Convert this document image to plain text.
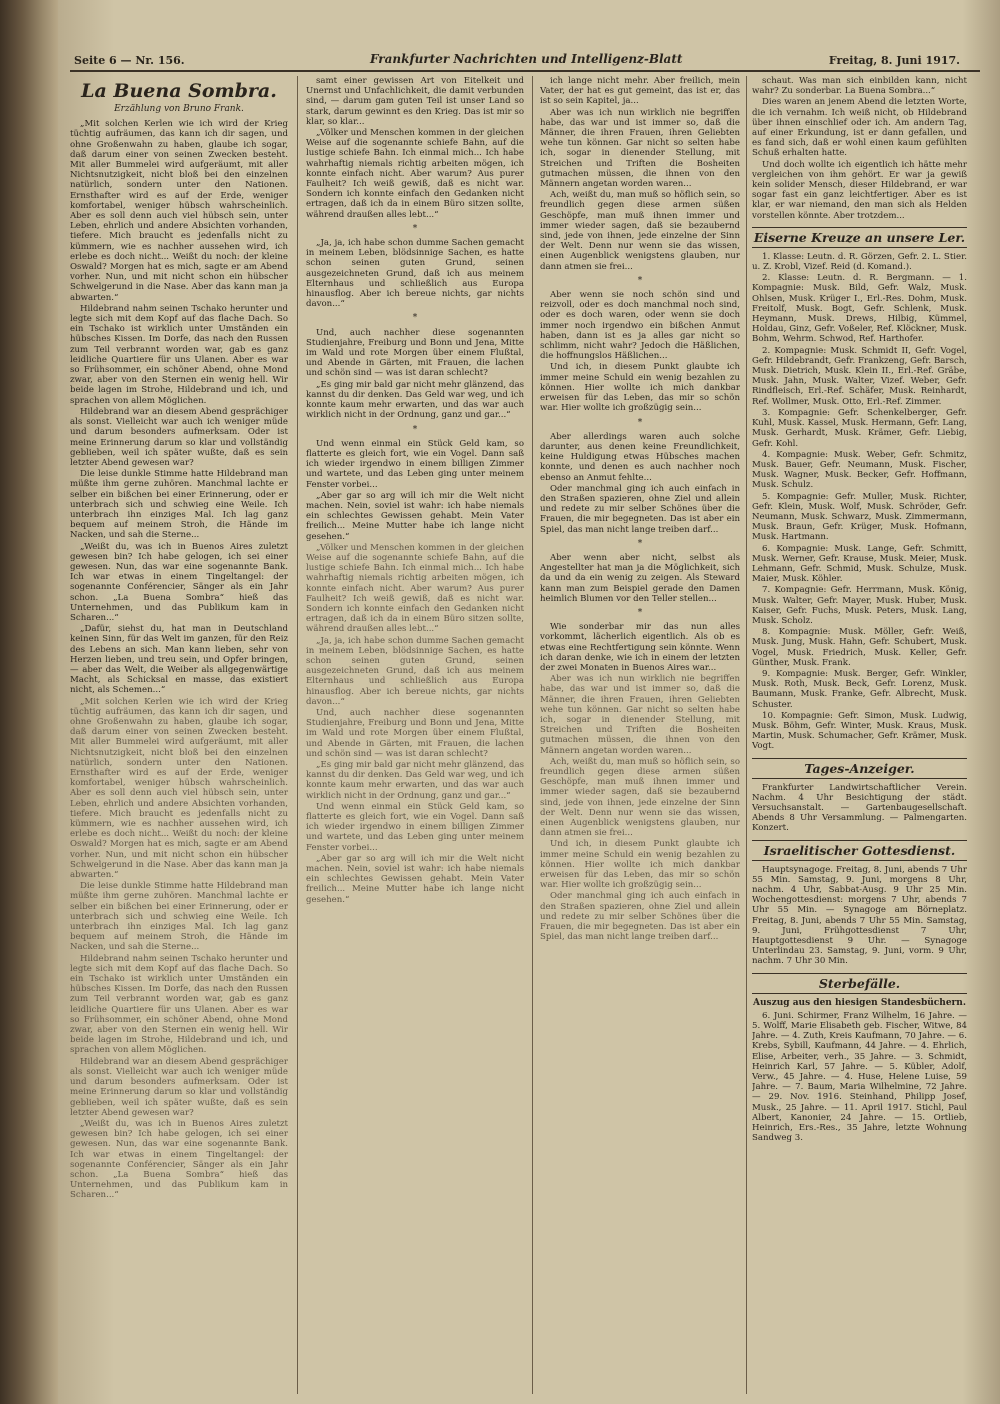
Seite 6 — Nr. 156.	Frankfurter Nachrichten und Intelligenz-Blatt	Freitag, 8. Juni 1917.
La Buena Sombra.
Erzählung von Bruno Frank.

„Mit solchen Kerlen wie ich wird der Krieg tüchtig aufräumen, das kann ich dir sagen, und ohne Großenwahn zu haben, glaube ich sogar, daß darum einer von seinen Zwecken besteht. Mit aller Bummelei wird aufgeräumt, mit aller Nichtsnutzigkeit, nicht bloß bei den einzelnen natürlich, sondern unter den Nationen. Ernsthafter wird es auf der Erde, weniger komfortabel, weniger hübsch wahrscheinlich. Aber es soll denn auch viel hübsch sein, unter Leben, ehrlich und andere Absichten vorhanden, tiefere. Mich braucht es jedenfalls nicht zu kümmern, wie es nachher aussehen wird, ich erlebe es doch nicht... Weißt du noch: der kleine Oswald? Morgen hat es mich, sagte er am Abend vorher. Nun, und mit nicht schon ein hübscher Schwelgerund in die Nase. Aber das kann man ja abwarten.“

Hildebrand nahm seinen Tschako herunter und legte sich mit dem Kopf auf das flache Dach. So ein Tschako ist wirklich unter Umständen ein hübsches Kissen. Im Dorfe, das nach den Russen zum Teil verbrannt worden war, gab es ganz leidliche Quartiere für uns Ulanen. Aber es war so Frühsommer, ein schöner Abend, ohne Mond zwar, aber von den Sternen ein wenig hell. Wir beide lagen im Strohe, Hildebrand und ich, und sprachen von allem Möglichen.

Hildebrand war an diesem Abend gesprächiger als sonst. Vielleicht war auch ich weniger müde und darum besonders aufmerksam. Oder ist meine Erinnerung darum so klar und vollständig geblieben, weil ich später wußte, daß es sein letzter Abend gewesen war?

Die leise dunkle Stimme hatte Hildebrand man müßte ihm gerne zuhören. Manchmal lachte er selber ein bißchen bei einer Erinnerung, oder er unterbrach sich und schwieg eine Weile. Ich unterbrach ihn einziges Mal. Ich lag ganz bequem auf meinem Stroh, die Hände im Nacken, und sah die Sterne...

„Weißt du, was ich in Buenos Aires zuletzt gewesen bin? Ich habe gelogen, ich sei einer gewesen. Nun, das war eine sogenannte Bank. Ich war etwas in einem Tingeltangel: der sogenannte Conférencier, Sänger als ein Jahr schon. „La Buena Sombra“ hieß das Unternehmen, und das Publikum kam in Scharen...“

„Dafür, siehst du, hat man in Deutschland keinen Sinn, für das Welt im ganzen, für den Reiz des Lebens an sich. Man kann lieben, sehr von Herzen lieben, und treu sein, und Opfer bringen, — aber das Welt, die Weiber als allgegenwärtige Macht, als Schicksal en masse, das existiert nicht, als Schemen...“

„Mit solchen Kerlen wie ich wird der Krieg tüchtig aufräumen, das kann ich dir sagen, und ohne Großenwahn zu haben, glaube ich sogar, daß darum einer von seinen Zwecken besteht. Mit aller Bummelei wird aufgeräumt, mit aller Nichtsnutzigkeit, nicht bloß bei den einzelnen natürlich, sondern unter den Nationen. Ernsthafter wird es auf der Erde, weniger komfortabel, weniger hübsch wahrscheinlich. Aber es soll denn auch viel hübsch sein, unter Leben, ehrlich und andere Absichten vorhanden, tiefere. Mich braucht es jedenfalls nicht zu kümmern, wie es nachher aussehen wird, ich erlebe es doch nicht... Weißt du noch: der kleine Oswald? Morgen hat es mich, sagte er am Abend vorher. Nun, und mit nicht schon ein hübscher Schwelgerund in die Nase. Aber das kann man ja abwarten.“

Die leise dunkle Stimme hatte Hildebrand man müßte ihm gerne zuhören. Manchmal lachte er selber ein bißchen bei einer Erinnerung, oder er unterbrach sich und schwieg eine Weile. Ich unterbrach ihn einziges Mal. Ich lag ganz bequem auf meinem Stroh, die Hände im Nacken, und sah die Sterne...

Hildebrand nahm seinen Tschako herunter und legte sich mit dem Kopf auf das flache Dach. So ein Tschako ist wirklich unter Umständen ein hübsches Kissen. Im Dorfe, das nach den Russen zum Teil verbrannt worden war, gab es ganz leidliche Quartiere für uns Ulanen. Aber es war so Frühsommer, ein schöner Abend, ohne Mond zwar, aber von den Sternen ein wenig hell. Wir beide lagen im Strohe, Hildebrand und ich, und sprachen von allem Möglichen.

Hildebrand war an diesem Abend gesprächiger als sonst. Vielleicht war auch ich weniger müde und darum besonders aufmerksam. Oder ist meine Erinnerung darum so klar und vollständig geblieben, weil ich später wußte, daß es sein letzter Abend gewesen war?

„Weißt du, was ich in Buenos Aires zuletzt gewesen bin? Ich habe gelogen, ich sei einer gewesen. Nun, das war eine sogenannte Bank. Ich war etwas in einem Tingeltangel: der sogenannte Conférencier, Sänger als ein Jahr schon. „La Buena Sombra“ hieß das Unternehmen, und das Publikum kam in Scharen...“

samt einer gewissen Art von Eitelkeit und Unernst und Unfachlichkeit, die damit verbunden sind, — darum gam guten Teil ist unser Land so stark, darum gewinnt es den Krieg. Das ist mir so klar, so klar...

„Völker und Menschen kommen in der gleichen Weise auf die sogenannte schiefe Bahn, auf die lustige schiefe Bahn. Ich einmal mich... Ich habe wahrhaftig niemals richtig arbeiten mögen, ich konnte einfach nicht. Aber warum? Aus purer Faulheit? Ich weiß gewiß, daß es nicht war. Sondern ich konnte einfach den Gedanken nicht ertragen, daß ich da in einem Büro sitzen sollte, während draußen alles lebt...“

*

„Ja, ja, ich habe schon dumme Sachen gemacht in meinem Leben, blödsinnige Sachen, es hatte schon seinen guten Grund, seinen ausgezeichneten Grund, daß ich aus meinem Elternhaus und schließlich aus Europa hinausflog. Aber ich bereue nichts, gar nichts davon...“

*

Und, auch nachher diese sogenannten Studienjahre, Freiburg und Bonn und Jena, Mitte im Wald und rote Morgen über einem Flußtal, und Abende in Gärten, mit Frauen, die lachen und schön sind — was ist daran schlecht?

„Es ging mir bald gar nicht mehr glänzend, das kannst du dir denken. Das Geld war weg, und ich konnte kaum mehr erwarten, und das war auch wirklich nicht in der Ordnung, ganz und gar...“

*

Und wenn einmal ein Stück Geld kam, so flatterte es gleich fort, wie ein Vogel. Dann saß ich wieder irgendwo in einem billigen Zimmer und wartete, und das Leben ging unter meinem Fenster vorbei...

„Aber gar so arg will ich mir die Welt nicht machen. Nein, soviel ist wahr: ich habe niemals ein schlechtes Gewissen gehabt. Mein Vater freilich... Meine Mutter habe ich lange nicht gesehen.“

„Völker und Menschen kommen in der gleichen Weise auf die sogenannte schiefe Bahn, auf die lustige schiefe Bahn. Ich einmal mich... Ich habe wahrhaftig niemals richtig arbeiten mögen, ich konnte einfach nicht. Aber warum? Aus purer Faulheit? Ich weiß gewiß, daß es nicht war. Sondern ich konnte einfach den Gedanken nicht ertragen, daß ich da in einem Büro sitzen sollte, während draußen alles lebt...“

„Ja, ja, ich habe schon dumme Sachen gemacht in meinem Leben, blödsinnige Sachen, es hatte schon seinen guten Grund, seinen ausgezeichneten Grund, daß ich aus meinem Elternhaus und schließlich aus Europa hinausflog. Aber ich bereue nichts, gar nichts davon...“

Und, auch nachher diese sogenannten Studienjahre, Freiburg und Bonn und Jena, Mitte im Wald und rote Morgen über einem Flußtal, und Abende in Gärten, mit Frauen, die lachen und schön sind — was ist daran schlecht?

„Es ging mir bald gar nicht mehr glänzend, das kannst du dir denken. Das Geld war weg, und ich konnte kaum mehr erwarten, und das war auch wirklich nicht in der Ordnung, ganz und gar...“

Und wenn einmal ein Stück Geld kam, so flatterte es gleich fort, wie ein Vogel. Dann saß ich wieder irgendwo in einem billigen Zimmer und wartete, und das Leben ging unter meinem Fenster vorbei...

„Aber gar so arg will ich mir die Welt nicht machen. Nein, soviel ist wahr: ich habe niemals ein schlechtes Gewissen gehabt. Mein Vater freilich... Meine Mutter habe ich lange nicht gesehen.“

ich lange nicht mehr. Aber freilich, mein Vater, der hat es gut gemeint, das ist er, das ist so sein Kapitel, ja...

Aber was ich nun wirklich nie begriffen habe, das war und ist immer so, daß die Männer, die ihren Frauen, ihren Geliebten wehe tun können. Gar nicht so selten habe ich, sogar in dienender Stellung, mit Streichen und Triften die Bosheiten gutmachen müssen, die ihnen von den Männern angetan worden waren...

Ach, weißt du, man muß so höflich sein, so freundlich gegen diese armen süßen Geschöpfe, man muß ihnen immer und immer wieder sagen, daß sie bezaubernd sind, jede von ihnen, jede einzelne der Sinn der Welt. Denn nur wenn sie das wissen, einen Augenblick wenigstens glauben, nur dann atmen sie frei...

*

Aber wenn sie noch schön sind und reizvoll, oder es doch manchmal noch sind, oder es doch waren, oder wenn sie doch immer noch irgendwo ein bißchen Anmut haben, dann ist es ja alles gar nicht so schlimm, nicht wahr? Jedoch die Häßlichen, die hoffnungslos Häßlichen...

Und ich, in diesem Punkt glaubte ich immer meine Schuld ein wenig bezahlen zu können. Hier wollte ich mich dankbar erweisen für das Leben, das mir so schön war. Hier wollte ich großzügig sein...

*

Aber allerdings waren auch solche darunter, aus denen keine Freundlichkeit, keine Huldigung etwas Hübsches machen konnte, und denen es auch nachher noch ebenso an Anmut fehlte...

Oder manchmal ging ich auch einfach in den Straßen spazieren, ohne Ziel und allein und redete zu mir selber Schönes über die Frauen, die mir begegneten. Das ist aber ein Spiel, das man nicht lange treiben darf...

*

Aber wenn aber nicht, selbst als Angestellter hat man ja die Möglichkeit, sich da und da ein wenig zu zeigen. Als Steward kann man zum Beispiel gerade den Damen heimlich Blumen vor den Teller stellen...

*

Wie sonderbar mir das nun alles vorkommt, lächerlich eigentlich. Als ob es etwas eine Rechtfertigung sein könnte. Wenn ich daran denke, wie ich in einem der letzten der zwei Monaten in Buenos Aires war...

Aber was ich nun wirklich nie begriffen habe, das war und ist immer so, daß die Männer, die ihren Frauen, ihren Geliebten wehe tun können. Gar nicht so selten habe ich, sogar in dienender Stellung, mit Streichen und Triften die Bosheiten gutmachen müssen, die ihnen von den Männern angetan worden waren...

Ach, weißt du, man muß so höflich sein, so freundlich gegen diese armen süßen Geschöpfe, man muß ihnen immer und immer wieder sagen, daß sie bezaubernd sind, jede von ihnen, jede einzelne der Sinn der Welt. Denn nur wenn sie das wissen, einen Augenblick wenigstens glauben, nur dann atmen sie frei...

Und ich, in diesem Punkt glaubte ich immer meine Schuld ein wenig bezahlen zu können. Hier wollte ich mich dankbar erweisen für das Leben, das mir so schön war. Hier wollte ich großzügig sein...

Oder manchmal ging ich auch einfach in den Straßen spazieren, ohne Ziel und allein und redete zu mir selber Schönes über die Frauen, die mir begegneten. Das ist aber ein Spiel, das man nicht lange treiben darf...

schaut. Was man sich einbilden kann, nicht wahr? Zu sonderbar. La Buena Sombra...“

Dies waren an jenem Abend die letzten Worte, die ich vernahm. Ich weiß nicht, ob Hildebrand über ihnen einschlief oder ich. Am andern Tag, auf einer Erkundung, ist er dann gefallen, und es fand sich, daß er wohl einen kaum gefühlten Schuß erhalten hatte.

Und doch wollte ich eigentlich ich hätte mehr vergleichen von ihm gehört. Er war ja gewiß kein solider Mensch, dieser Hildebrand, er war sogar fast ein ganz leichtfertiger. Aber es ist klar, er war niemand, den man sich als Helden vorstellen könnte. Aber trotzdem...

Eiserne Kreuze an unsere Ler.

1. Klasse: Leutn. d. R. Görzen, Gefr. 2. L. Stier. u. Z. Krobl, Vizef. Reid (d. Komand.).

2. Klasse: Leutn. d. R. Bergmann. — 1. Kompagnie: Musk. Bild, Gefr. Walz, Musk. Ohlsen, Musk. Krüger I., Erl.-Res. Dohm, Musk. Freitolf, Musk. Bogt, Gefr. Schlenk, Musk. Heymann, Musk. Drews, Hilbig, Kümmel, Holdau, Ginz, Gefr. Voßeler, Ref. Klöckner, Musk. Bohm, Wehrm. Schwod, Ref. Harthofer.

2. Kompagnie: Musk. Schmidt II, Gefr. Vogel, Gefr. Hildebrandt, Gefr. Frankzeng, Gefr. Barsch, Musk. Dietrich, Musk. Klein II., Erl.-Ref. Gräbe, Musk. Jahn, Musk. Walter, Vizef. Weber, Gefr. Rindfleisch, Erl.-Ref. Schäfer, Musk. Reinhardt, Ref. Wollmer, Musk. Otto, Erl.-Ref. Zimmer.

3. Kompagnie: Gefr. Schenkelberger, Gefr. Kuhl, Musk. Kassel, Musk. Hermann, Gefr. Lang, Musk. Gerhardt, Musk. Krämer, Gefr. Liebig, Gefr. Kohl.

4. Kompagnie: Musk. Weber, Gefr. Schmitz, Musk. Bauer, Gefr. Neumann, Musk. Fischer, Musk. Wagner, Musk. Becker, Gefr. Hoffmann, Musk. Schulz.

5. Kompagnie: Gefr. Muller, Musk. Richter, Gefr. Klein, Musk. Wolf, Musk. Schröder, Gefr. Neumann, Musk. Schwarz, Musk. Zimmermann, Musk. Braun, Gefr. Krüger, Musk. Hofmann, Musk. Hartmann.

6. Kompagnie: Musk. Lange, Gefr. Schmitt, Musk. Werner, Gefr. Krause, Musk. Meier, Musk. Lehmann, Gefr. Schmid, Musk. Schulze, Musk. Maier, Musk. Köhler.

7. Kompagnie: Gefr. Herrmann, Musk. König, Musk. Walter, Gefr. Mayer, Musk. Huber, Musk. Kaiser, Gefr. Fuchs, Musk. Peters, Musk. Lang, Musk. Scholz.

8. Kompagnie: Musk. Möller, Gefr. Weiß, Musk. Jung, Musk. Hahn, Gefr. Schubert, Musk. Vogel, Musk. Friedrich, Musk. Keller, Gefr. Günther, Musk. Frank.

9. Kompagnie: Musk. Berger, Gefr. Winkler, Musk. Roth, Musk. Beck, Gefr. Lorenz, Musk. Baumann, Musk. Franke, Gefr. Albrecht, Musk. Schuster.

10. Kompagnie: Gefr. Simon, Musk. Ludwig, Musk. Böhm, Gefr. Winter, Musk. Kraus, Musk. Martin, Musk. Schumacher, Gefr. Krämer, Musk. Vogt.

Tages-Anzeiger.

Frankfurter Landwirtschaftlicher Verein. Nachm. 4 Uhr Besichtigung der städt. Versuchsanstalt. — Gartenbaugesellschaft. Abends 8 Uhr Versammlung. — Palmengarten. Konzert.

Israelitischer Gottesdienst.

Hauptsynagoge. Freitag, 8. Juni, abends 7 Uhr 55 Min. Samstag, 9. Juni, morgens 8 Uhr, nachm. 4 Uhr, Sabbat-Ausg. 9 Uhr 25 Min. Wochengottesdienst: morgens 7 Uhr, abends 7 Uhr 55 Min. — Synagoge am Börneplatz. Freitag, 8. Juni, abends 7 Uhr 55 Min. Samstag, 9. Juni, Frühgottesdienst 7 Uhr, Hauptgottesdienst 9 Uhr. — Synagoge Unterlindau 23. Samstag, 9. Juni, vorm. 9 Uhr, nachm. 7 Uhr 30 Min.

Sterbefälle.
Auszug aus den hiesigen Standesbüchern.

6. Juni. Schirmer, Franz Wilhelm, 16 Jahre. — 5. Wolff, Marie Elisabeth geb. Fischer, Witwe, 84 Jahre. — 4. Zuth, Kreis Kaufmann, 70 Jahre. — 6. Krebs, Sybill, Kaufmann, 44 Jahre. — 4. Ehrlich, Elise, Arbeiter, verh., 35 Jahre. — 3. Schmidt, Heinrich Karl, 57 Jahre. — 5. Kübler, Adolf, Verw., 45 Jahre. — 4. Huse, Helene Luise, 59 Jahre. — 7. Baum, Maria Wilhelmine, 72 Jahre. — 29. Nov. 1916. Steinhand, Philipp Josef, Musk., 25 Jahre. — 11. April 1917. Stichl, Paul Albert, Kanonier, 24 Jahre. — 15. Ortlieb, Heinrich, Ers.-Res., 35 Jahre, letzte Wohnung Sandweg 3.
